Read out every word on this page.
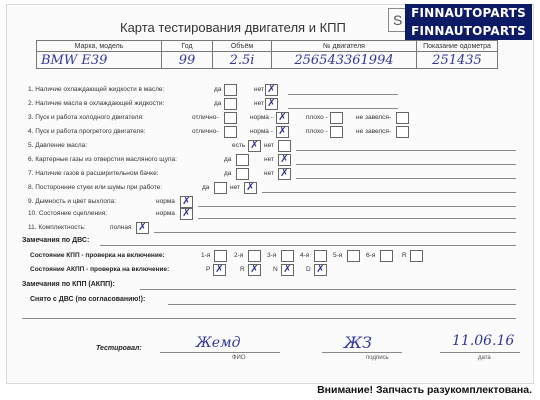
Карта тестирования двигателя и КПП	S FINNAUTOPARTS
FINNAUTOPARTS
Марка, модель	Год	Объём	№ двигателя	Показание одометра
BMW E39	99	2.5i	256543361994	251435
1. Наличие охлаждающей жидкости в масле:	да	нет ✗
2. Наличие масла в охлаждающей жидкости:	да	нет ✗
3. Пуск и работа холодного двигателя:	отлично-	норма - ✗	плохо -	не завелся-
4. Пуск и работа прогретого двигателя:	отлично-	норма - ✗	плохо -	не завелся-
5. Давление масла:	есть ✗ нет
6. Картерные газы из отверстия масляного щупа:	да	нет ✗
7. Наличие газов в расширительном бачке:	да	нет ✗
8. Посторонние стуки или шумы при работе:	да	нет ✗
9. Дымность и цвет выхлопа:	норма ✗
10. Состояние сцепления:	норма ✗
11. Комплектность:	полная ✗
Замечания по ДВС:
Состояние КПП - проверка на включение:	1-я	2-я	3-я	4-я	5-я	6-я	R
Состояние АКПП - проверка на включение:	P ✗	R ✗	N ✗	D ✗
Замечания по КПП (АКПП):
Снято с ДВС (по согласованию!):
Тестировал:	Жемд
ФИО
ЖЗ
подпись
11.06.16
дата
Внимание! Запчасть разукомплектована.
